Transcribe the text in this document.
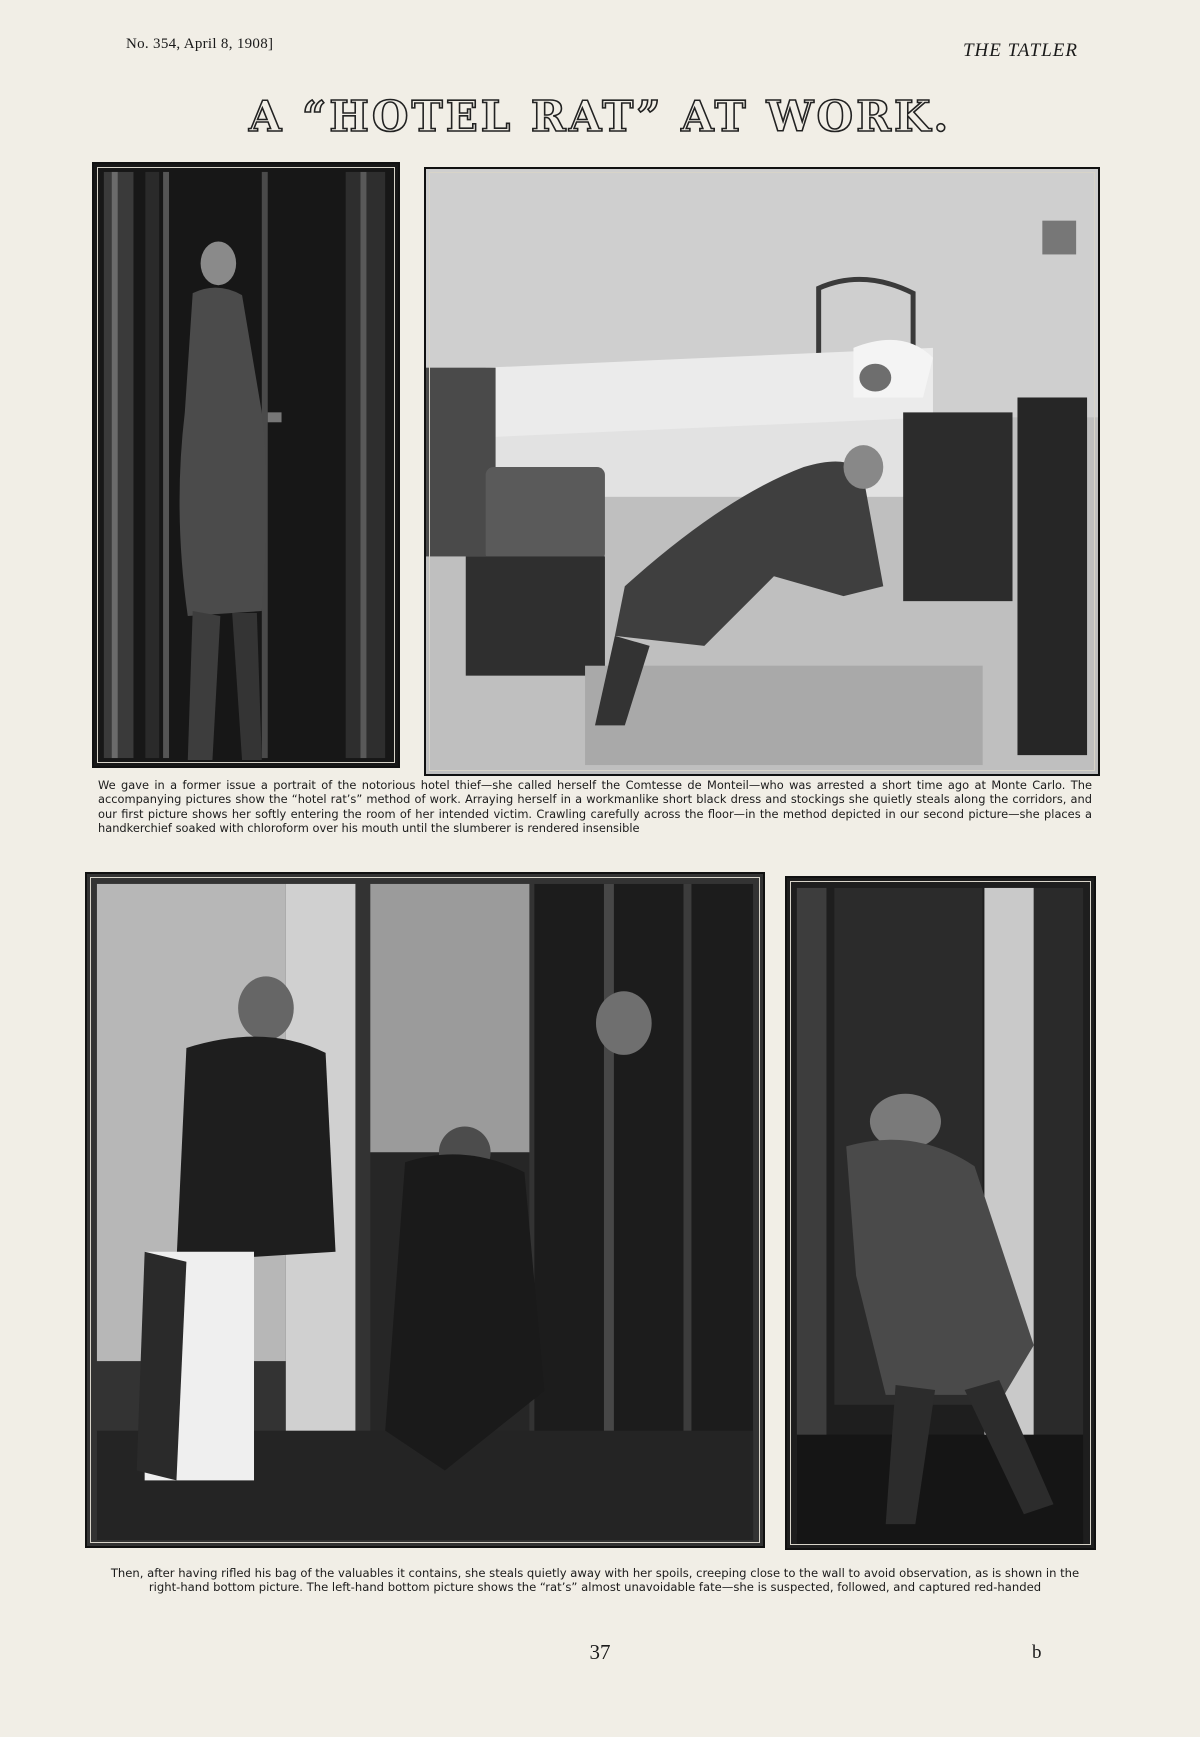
No. 354, April 8, 1908]	THE TATLER
A “HOTEL RAT” AT WORK.
We gave in a former issue a portrait of the notorious hotel thief—she called herself the Comtesse de Monteil—who was arrested a short time ago at Monte Carlo. The accompanying pictures show the “hotel rat’s” method of work. Arraying herself in a workmanlike short black dress and stockings she quietly steals along the corridors, and our first picture shows her softly entering the room of her intended victim. Crawling carefully across the floor—in the method depicted in our second picture—she places a handkerchief soaked with chloroform over his mouth until the slumberer is rendered insensible
Then, after having rifled his bag of the valuables it contains, she steals quietly away with her spoils, creeping close to the wall to avoid observation, as is shown in the right-hand bottom picture. The left-hand bottom picture shows the “rat’s” almost unavoidable fate—she is suspected, followed, and captured red-handed
37	b
